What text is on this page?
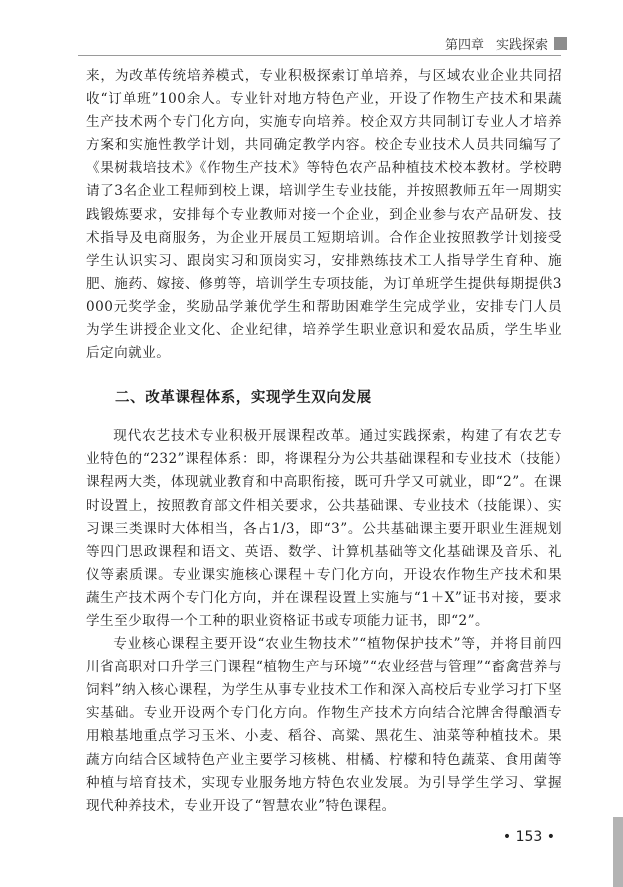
第四章 实践探索

来，为改革传统培养模式，专业积极探索订单培养，与区域农业企业共同招收“订单班”100余人。专业针对地方特色产业，开设了作物生产技术和果蔬生产技术两个专门化方向，实施专向培养。校企双方共同制订专业人才培养方案和实施性教学计划，共同确定教学内容。校企专业技术人员共同编写了《果树栽培技术》《作物生产技术》等特色农产品种植技术校本教材。学校聘请了3名企业工程师到校上课，培训学生专业技能，并按照教师五年一周期实践锻炼要求，安排每个专业教师对接一个企业，到企业参与农产品研发、技术指导及电商服务，为企业开展员工短期培训。合作企业按照教学计划接受学生认识实习、跟岗实习和顶岗实习，安排熟练技术工人指导学生育种、施肥、施药、嫁接、修剪等，培训学生专项技能，为订单班学生提供每期提供3000元奖学金，奖励品学兼优学生和帮助困难学生完成学业，安排专门人员为学生讲授企业文化、企业纪律，培养学生职业意识和爱农品质，学生毕业后定向就业。

二、改革课程体系，实现学生双向发展

现代农艺技术专业积极开展课程改革。通过实践探索，构建了有农艺专业特色的“232”课程体系：即，将课程分为公共基础课程和专业技术（技能）课程两大类，体现就业教育和中高职衔接，既可升学又可就业，即“2”。在课时设置上，按照教育部文件相关要求，公共基础课、专业技术（技能课）、实习课三类课时大体相当，各占1/3，即“3”。公共基础课主要开职业生涯规划等四门思政课程和语文、英语、数学、计算机基础等文化基础课及音乐、礼仪等素质课。专业课实施核心课程＋专门化方向，开设农作物生产技术和果蔬生产技术两个专门化方向，并在课程设置上实施与“1＋X”证书对接，要求学生至少取得一个工种的职业资格证书或专项能力证书，即“2”。

专业核心课程主要开设“农业生物技术”“植物保护技术”等，并将目前四川省高职对口升学三门课程“植物生产与环境”“农业经营与管理”“畜禽营养与饲料”纳入核心课程，为学生从事专业技术工作和深入高校后专业学习打下坚实基础。专业开设两个专门化方向。作物生产技术方向结合沱牌舍得酿酒专用粮基地重点学习玉米、小麦、稻谷、高粱、黑花生、油菜等种植技术。果蔬方向结合区域特色产业主要学习核桃、柑橘、柠檬和特色蔬菜、食用菌等种植与培育技术，实现专业服务地方特色农业发展。为引导学生学习、掌握现代种养技术，专业开设了“智慧农业”特色课程。

• 153 •
